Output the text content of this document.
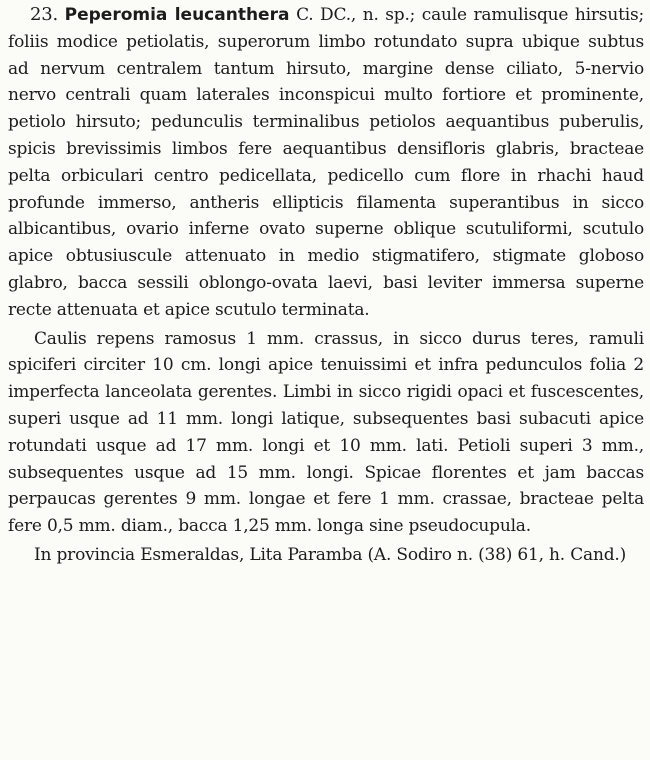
23. Peperomia leucanthera C. DC., n. sp.; caule ramulisque hirsutis; foliis modice petiolatis, superorum limbo rotundato supra ubique subtus ad nervum centralem tantum hirsuto, margine dense ciliato, 5-nervio nervo centrali quam laterales inconspicui multo fortiore et prominente, petiolo hirsuto; pedunculis terminalibus petiolos aequantibus puberulis, spicis brevissimis limbos fere aequantibus densifloris glabris, bracteae pelta orbiculari centro pedicellata, pedicello cum flore in rhachi haud profunde immerso, antheris ellipticis filamenta superantibus in sicco albicantibus, ovario inferne ovato superne oblique scutuliformi, scutulo apice obtusiuscule attenuato in medio stigmatifero, stigmate globoso glabro, bacca sessili oblongo-ovata laevi, basi leviter immersa superne recte attenuata et apice scutulo terminata.

Caulis repens ramosus 1 mm. crassus, in sicco durus teres, ramuli spiciferi circiter 10 cm. longi apice tenuissimi et infra pedunculos folia 2 imperfecta lanceolata gerentes. Limbi in sicco rigidi opaci et fuscescentes, superi usque ad 11 mm. longi latique, subsequentes basi subacuti apice rotundati usque ad 17 mm. longi et 10 mm. lati. Petioli superi 3 mm., subsequentes usque ad 15 mm. longi. Spicae florentes et jam baccas perpaucas gerentes 9 mm. longae et fere 1 mm. crassae, bracteae pelta fere 0,5 mm. diam., bacca 1,25 mm. longa sine pseudocupula.

In provincia Esmeraldas, Lita Paramba (A. Sodiro n. (38) 61, h. Cand.)
